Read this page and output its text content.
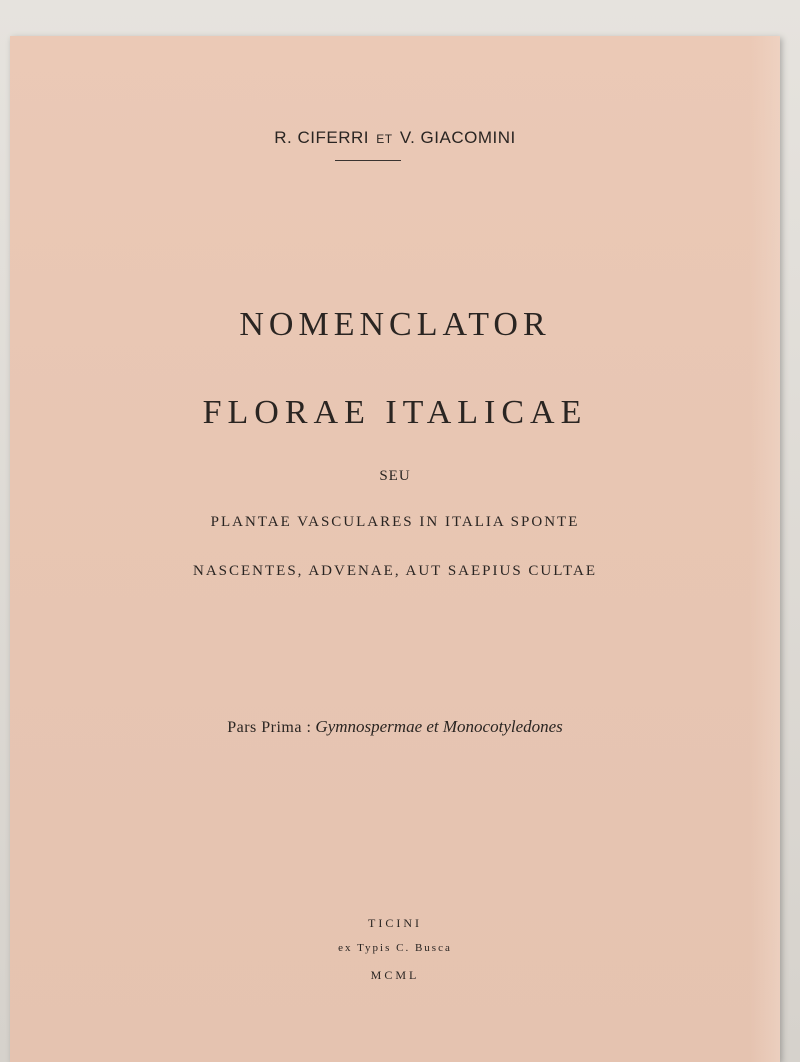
R. CIFERRI ET V. GIACOMINI
NOMENCLATOR
FLORAE ITALICAE
SEU
PLANTAE VASCULARES IN ITALIA SPONTE
NASCENTES, ADVENAE, AUT SAEPIUS CULTAE
Pars Prima : Gymnospermae et Monocotyledones
TICINI
ex Typis C. Busca
MCML
